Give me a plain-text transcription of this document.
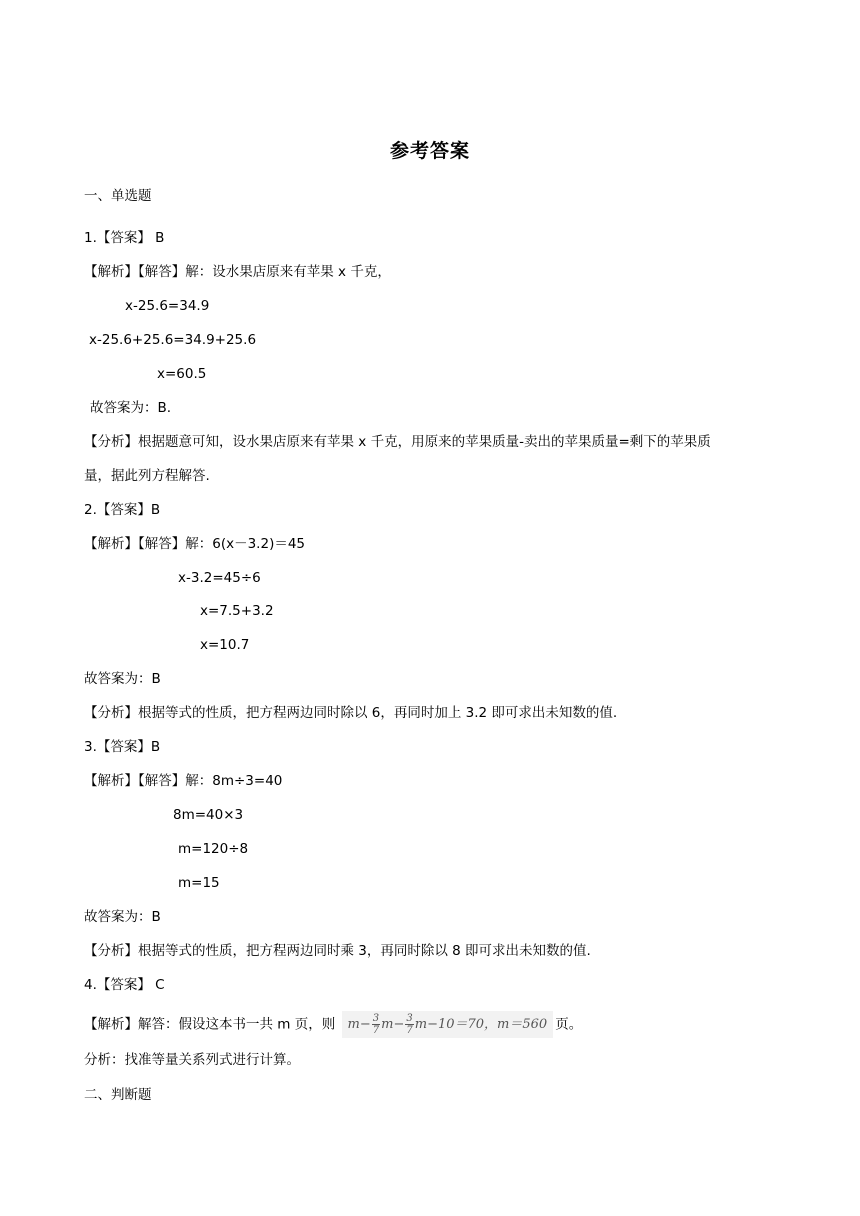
参考答案
一、单选题
1.【答案】 B
【解析】【解答】解：设水果店原来有苹果 x 千克，
x-25.6=34.9
x-25.6+25.6=34.9+25.6
x=60.5
故答案为：B.
【分析】根据题意可知，设水果店原来有苹果 x 千克，用原来的苹果质量-卖出的苹果质量=剩下的苹果质
量，据此列方程解答.
2.【答案】B
【解析】【解答】解：6(x－3.2)＝45
x-3.2=45÷6
x=7.5+3.2
x=10.7
故答案为：B
【分析】根据等式的性质，把方程两边同时除以 6，再同时加上 3.2 即可求出未知数的值.
3.【答案】B
【解析】【解答】解：8m÷3=40
8m=40×3
m=120÷8
m=15
故答案为：B
【分析】根据等式的性质，把方程两边同时乘 3，再同时除以 8 即可求出未知数的值.
4.【答案】 C
【解析】解答：假设这本书一共 m 页，则 $m- \frac{3}{7} m- \frac{3}{7} m-10=70$，m＝560 页。
分析：找准等量关系列式进行计算。
二、判断题
